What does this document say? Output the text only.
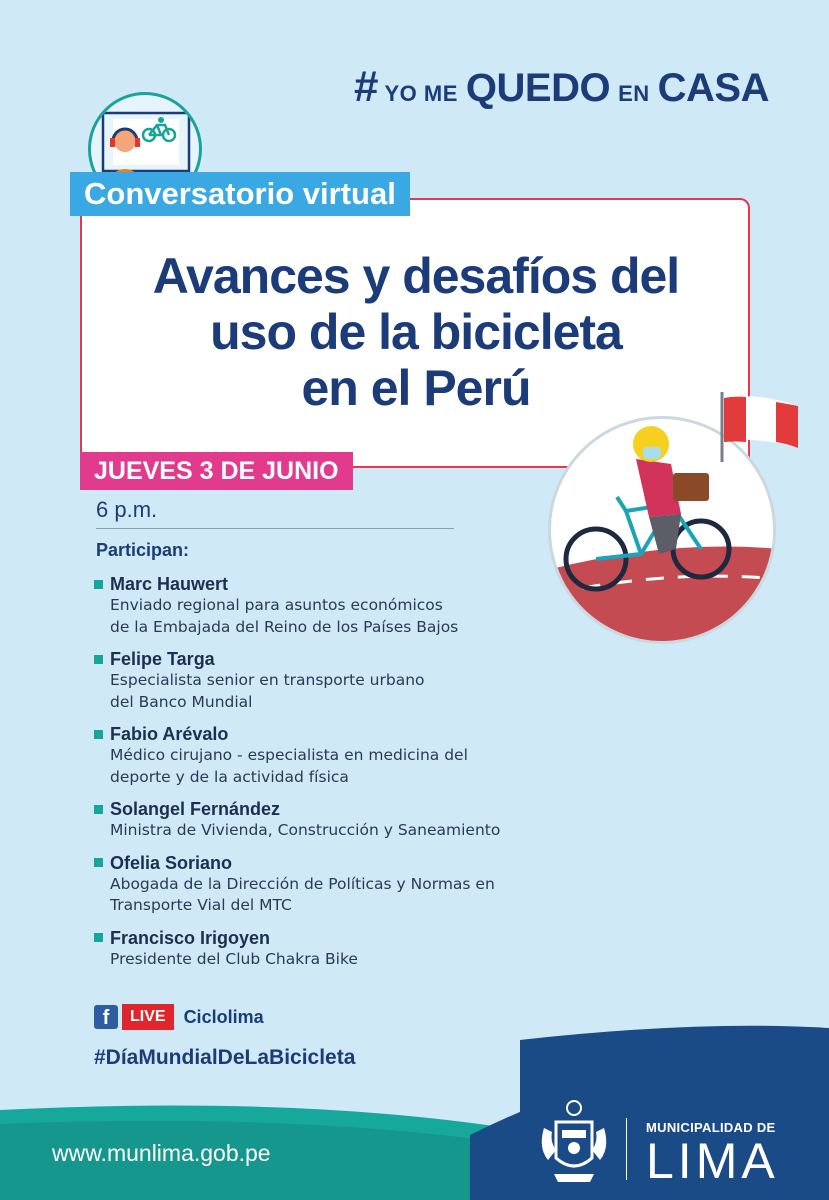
# YO ME QUEDO EN CASA
Avances y desafíos del
uso de la bicicleta
en el Perú
Conversatorio virtual
JUEVES 3 DE JUNIO
6 p.m.
Participan:
Marc Hauwert
Enviado regional para asuntos económicos
de la Embajada del Reino de los Países Bajos
Felipe Targa
Especialista senior en transporte urbano
del Banco Mundial
Fabio Arévalo
Médico cirujano - especialista en medicina del
deporte y de la actividad física
Solangel Fernández
Ministra de Vivienda, Construcción y Saneamiento
Ofelia Soriano
Abogada de la Dirección de Políticas y Normas en
Transporte Vial del MTC
Francisco Irigoyen
Presidente del Club Chakra Bike
f	LIVE	Ciclolima
#DíaMundialDeLaBicicleta
www.munlima.gob.pe
MUNICIPALIDAD DE
LIMA
